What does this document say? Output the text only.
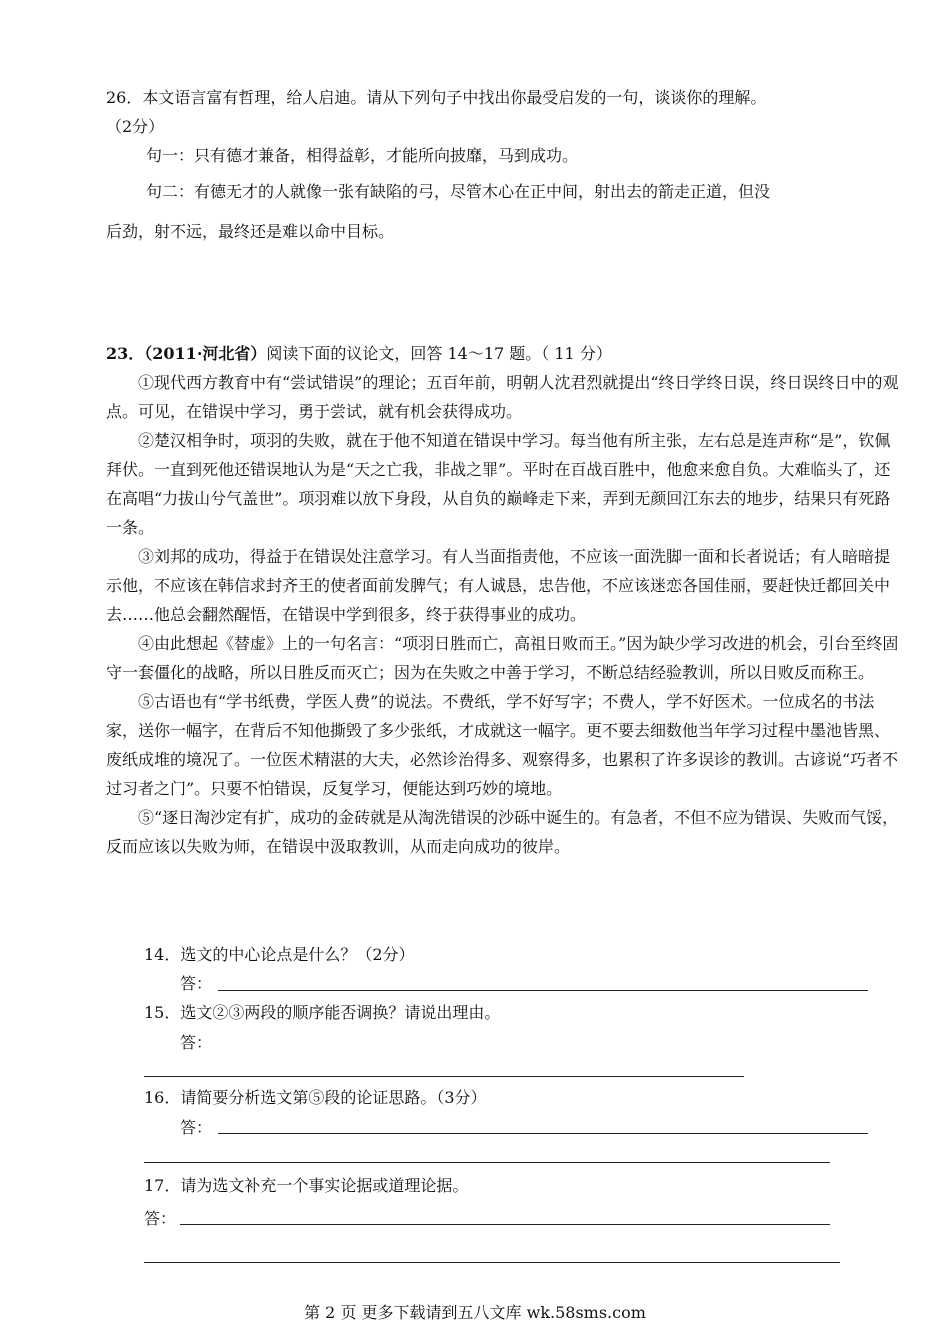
26．本文语言富有哲理，给人启迪。请从下列句子中找出你最受启发的一句，谈谈你的理解。
（2分）
句一：只有德才兼备，相得益彰，才能所向披靡，马到成功。
句二：有德无才的人就像一张有缺陷的弓，尽管木心在正中间，射出去的箭走正道，但没
后劲，射不远，最终还是难以命中目标。
23．（2011·河北省）阅读下面的议论文，回答 14～17 题。（ 11 分）

①现代西方教育中有“尝试错误”的理论；五百年前，明朝人沈君烈就提出“终日学终日误，终日误终日中的观点。可见，在错误中学习，勇于尝试，就有机会获得成功。

②楚汉相争时，项羽的失败，就在于他不知道在错误中学习。每当他有所主张，左右总是连声称“是”，钦佩拜伏。一直到死他还错误地认为是“天之亡我，非战之罪”。平时在百战百胜中，他愈来愈自负。大难临头了，还在高唱“力拔山兮气盖世”。项羽难以放下身段，从自负的巅峰走下来，弄到无颜回江东去的地步，结果只有死路一条。

③刘邦的成功，得益于在错误处注意学习。有人当面指责他，不应该一面洗脚一面和长者说话；有人暗暗提示他，不应该在韩信求封齐王的使者面前发脾气；有人诚恳，忠告他，不应该迷恋各国佳丽，要赶快迁都回关中去……他总会翻然醒悟，在错误中学到很多，终于获得事业的成功。

④由此想起《替虚》上的一句名言：“项羽日胜而亡，高祖日败而王。”因为缺少学习改进的机会，引台至终固守一套僵化的战略，所以日胜反而灭亡；因为在失败之中善于学习，不断总结经验教训，所以日败反而称王。

⑤古语也有“学书纸费，学医人费”的说法。不费纸，学不好写字；不费人，学不好医术。一位成名的书法家，送你一幅字，在背后不知他撕毁了多少张纸，才成就这一幅字。更不要去细数他当年学习过程中墨池皆黑、废纸成堆的境况了。一位医术精湛的大夫，必然诊治得多、观察得多，也累积了许多误诊的教训。古谚说“巧者不过习者之门”。只要不怕错误，反复学习，便能达到巧妙的境地。

⑤“逐日淘沙定有扩，成功的金砖就是从淘洗错误的沙砾中诞生的。有急者，不但不应为错误、失败而气馁，反而应该以失败为师，在错误中汲取教训，从而走向成功的彼岸。

14．选文的中心论点是什么？（2分）
答：
15．选文②③两段的顺序能否调换？请说出理由。
答：
16．请简要分析选文第⑤段的论证思路。（3分）
答：
17．请为选文补充一个事实论据或道理论据。
答：
第 2 页 更多下载请到五八文库 wk.58sms.com
